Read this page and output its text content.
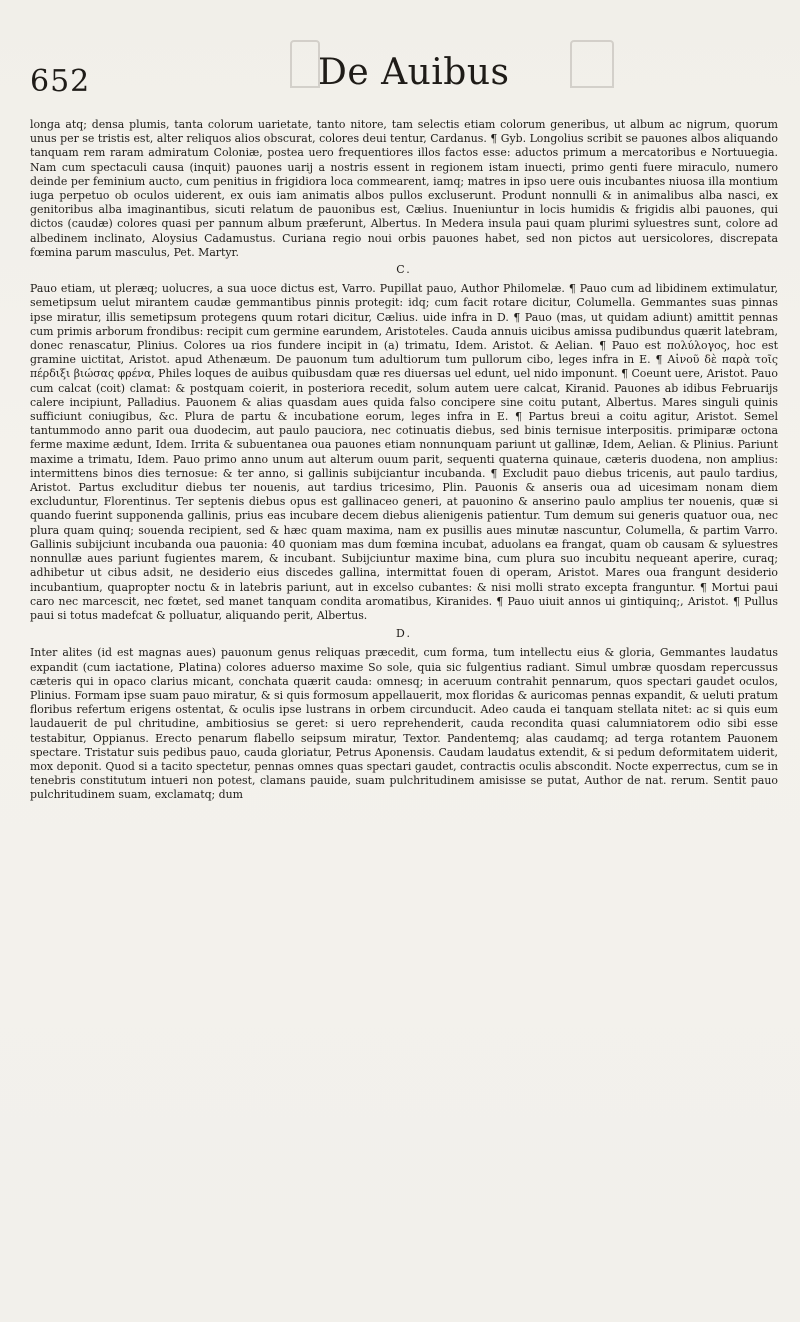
652	De Auibus

longa atq; densa plumis, tanta colorum uarietate, tanto nitore, tam selectis etiam colorum generibus, ut album ac nigrum, quorum unus per se tristis est, alter reliquos alios obscurat, colores deui tentur, Cardanus. ¶ Gyb. Longolius scribit se pauones albos aliquando tanquam rem raram admiratum Coloniæ, postea uero frequentiores illos factos esse: aductos primum a mercatoribus e Nortuuegia. Nam cum spectaculi causa (inquit) pauones uarij a nostris essent in regionem istam inuecti, primo genti fuere miraculo, numero deinde per feminium aucto, cum penitius in frigidiora loca commearent, iamq; matres in ipso uere ouis incubantes niuosa illa montium iuga perpetuo ob oculos uiderent, ex ouis iam animatis albos pullos excluserunt. Produnt nonnulli & in animalibus alba nasci, ex genitoribus alba imaginantibus, sicuti relatum de pauonibus est, Cælius. Inueniuntur in locis humidis & frigidis albi pauones, qui dictos (caudæ) colores quasi per pannum album præferunt, Albertus. In Medera insula paui quam plurimi syluestres sunt, colore ad albedinem inclinato, Aloysius Cadamustus. Curiana regio noui orbis pauones habet, sed non pictos aut uersicolores, discrepata fœmina parum masculus, Pet. Martyr.

C.

Pauo etiam, ut pleræq; uolucres, a sua uoce dictus est, Varro. Pupillat pauo, Author Philomelæ. ¶ Pauo cum ad libidinem extimulatur, semetipsum uelut mirantem caudæ gemmantibus pinnis protegit: idq; cum facit rotare dicitur, Columella. Gemmantes suas pinnas ipse miratur, illis semetipsum protegens quum rotari dicitur, Cælius. uide infra in D. ¶ Pauo (mas, ut quidam adiunt) amittit pennas cum primis arborum frondibus: recipit cum germine earundem, Aristoteles. Cauda annuis uicibus amissa pudibundus quærit latebram, donec renascatur, Plinius. Colores ua rios fundere incipit in (a) trimatu, Idem. Aristot. & Aelian. ¶ Pauo est πολύλογος, hoc est gramine uictitat, Aristot. apud Athenæum. De pauonum tum adultiorum tum pullorum cibo, leges infra in E. ¶ Αἰνοῦ δὲ παρὰ τοῖς πέρδιξι βιώσας φρένα, Philes loques de auibus quibusdam quæ res diuersas uel edunt, uel nido imponunt. ¶ Coeunt uere, Aristot. Pauo cum calcat (coit) clamat: & postquam coierit, in posteriora recedit, solum autem uere calcat, Kiranid. Pauones ab idibus Februarijs calere incipiunt, Palladius. Pauonem & alias quasdam aues quida falso concipere sine coitu putant, Albertus. Mares singuli quinis sufficiunt coniugibus, &c. Plura de partu & incubatione eorum, leges infra in E. ¶ Partus breui a coitu agitur, Aristot. Semel tantummodo anno parit oua duodecim, aut paulo pauciora, nec cotinuatis diebus, sed binis ternisue interpositis. primiparæ octona ferme maxime ædunt, Idem. Irrita & subuentanea oua pauones etiam nonnunquam pariunt ut gallinæ, Idem, Aelian. & Plinius. Pariunt maxime a trimatu, Idem. Pauo primo anno unum aut alterum ouum parit, sequenti quaterna quinaue, cæteris duodena, non amplius: intermittens binos dies ternosue: & ter anno, si gallinis subijciantur incubanda. ¶ Excludit pauo diebus tricenis, aut paulo tardius, Aristot. Partus excluditur diebus ter nouenis, aut tardius tricesimo, Plin. Pauonis & anseris oua ad uicesimam nonam diem excluduntur, Florentinus. Ter septenis diebus opus est gallinaceo generi, at pauonino & anserino paulo amplius ter nouenis, quæ si quando fuerint supponenda gallinis, prius eas incubare decem diebus alienigenis patientur. Tum demum sui generis quatuor oua, nec plura quam quinq; souenda recipient, sed & hæc quam maxima, nam ex pusillis aues minutæ nascuntur, Columella, & partim Varro. Gallinis subijciunt incubanda oua pauonia: 40 quoniam mas dum fœmina incubat, aduolans ea frangat, quam ob causam & syluestres nonnullæ aues pariunt fugientes marem, & incubant. Subijciuntur maxime bina, cum plura suo incubitu nequeant aperire, curaq; adhibetur ut cibus adsit, ne desiderio eius discedes gallina, intermittat fouen di operam, Aristot. Mares oua frangunt desiderio incubantium, quapropter noctu & in latebris pariunt, aut in excelso cubantes: & nisi molli strato excepta franguntur. ¶ Mortui paui caro nec marcescit, nec fœtet, sed manet tanquam condita aromatibus, Kiranides. ¶ Pauo uiuit annos ui gintiquinq;, Aristot. ¶ Pullus paui si totus madefcat & polluatur, aliquando perit, Albertus.

D.

Inter alites (id est magnas aues) pauonum genus reliquas præcedit, cum forma, tum intellectu eius & gloria, Gemmantes laudatus expandit (cum iactatione, Platina) colores aduerso maxime So sole, quia sic fulgentius radiant. Simul umbræ quosdam repercussus cæteris qui in opaco clarius micant, conchata quærit cauda: omnesq; in aceruum contrahit pennarum, quos spectari gaudet oculos, Plinius. Formam ipse suam pauo miratur, & si quis formosum appellauerit, mox floridas & auricomas pennas expandit, & ueluti pratum floribus refertum erigens ostentat, & oculis ipse lustrans in orbem circunducit. Adeo cauda ei tanquam stellata nitet: ac si quis eum laudauerit de pul chritudine, ambitiosius se geret: si uero reprehenderit, cauda recondita quasi calumniatorem odio sibi esse testabitur, Oppianus. Erecto penarum flabello seipsum miratur, Textor. Pandentemq; alas caudamq; ad terga rotantem Pauonem spectare. Tristatur suis pedibus pauo, cauda gloriatur, Petrus Aponensis. Caudam laudatus extendit, & si pedum deformitatem uiderit, mox deponit. Quod si a tacito spectetur, pennas omnes quas spectari gaudet, contractis oculis abscondit. Nocte experrectus, cum se in tenebris constitutum intueri non potest, clamans pauide, suam pulchritudinem amisisse se putat, Author de nat. rerum. Sentit pauo pulchritudinem suam, exclamatq; dum
